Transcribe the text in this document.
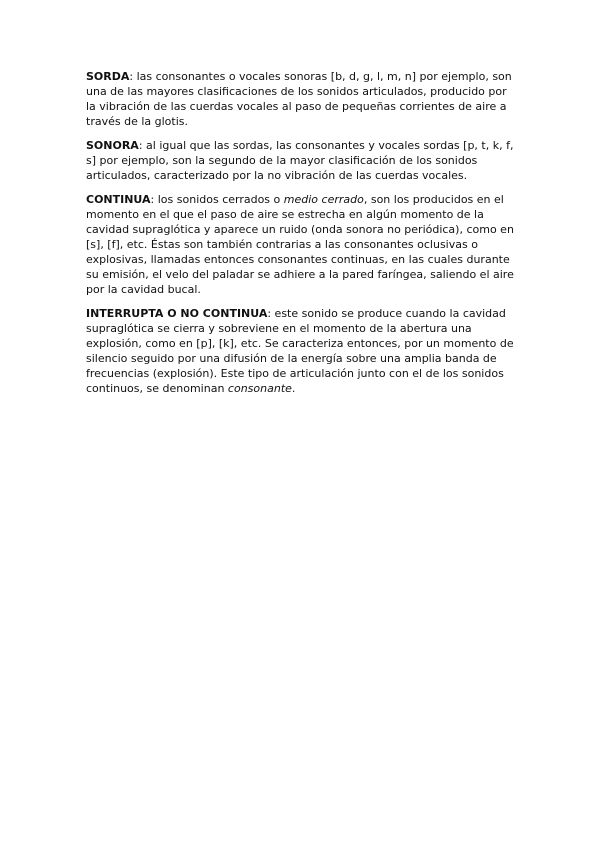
SORDA: las consonantes o vocales sonoras [b, d, g, l, m, n] por ejemplo, son una de las mayores clasificaciones de los sonidos articulados, producido por la vibración de las cuerdas vocales al paso de pequeñas corrientes de aire a través de la glotis.

SONORA: al igual que las sordas, las consonantes y vocales sordas [p, t, k, f, s] por ejemplo, son la segundo de la mayor clasificación de los sonidos articulados, caracterizado por la no vibración de las cuerdas vocales.

CONTINUA: los sonidos cerrados o medio cerrado, son los producidos en el momento en el que el paso de aire se estrecha en algún momento de la cavidad supraglótica y aparece un ruido (onda sonora no periódica), como en [s], [f], etc. Éstas son también contrarias a las consonantes oclusivas o explosivas, llamadas entonces consonantes continuas, en las cuales durante su emisión, el velo del paladar se adhiere a la pared faríngea, saliendo el aire por la cavidad bucal.

INTERRUPTA O NO CONTINUA: este sonido se produce cuando la cavidad supraglótica se cierra y sobreviene en el momento de la abertura una explosión, como en [p], [k], etc. Se caracteriza entonces, por un momento de silencio seguido por una difusión de la energía sobre una amplia banda de frecuencias (explosión). Este tipo de articulación junto con el de los sonidos continuos, se denominan consonante.
